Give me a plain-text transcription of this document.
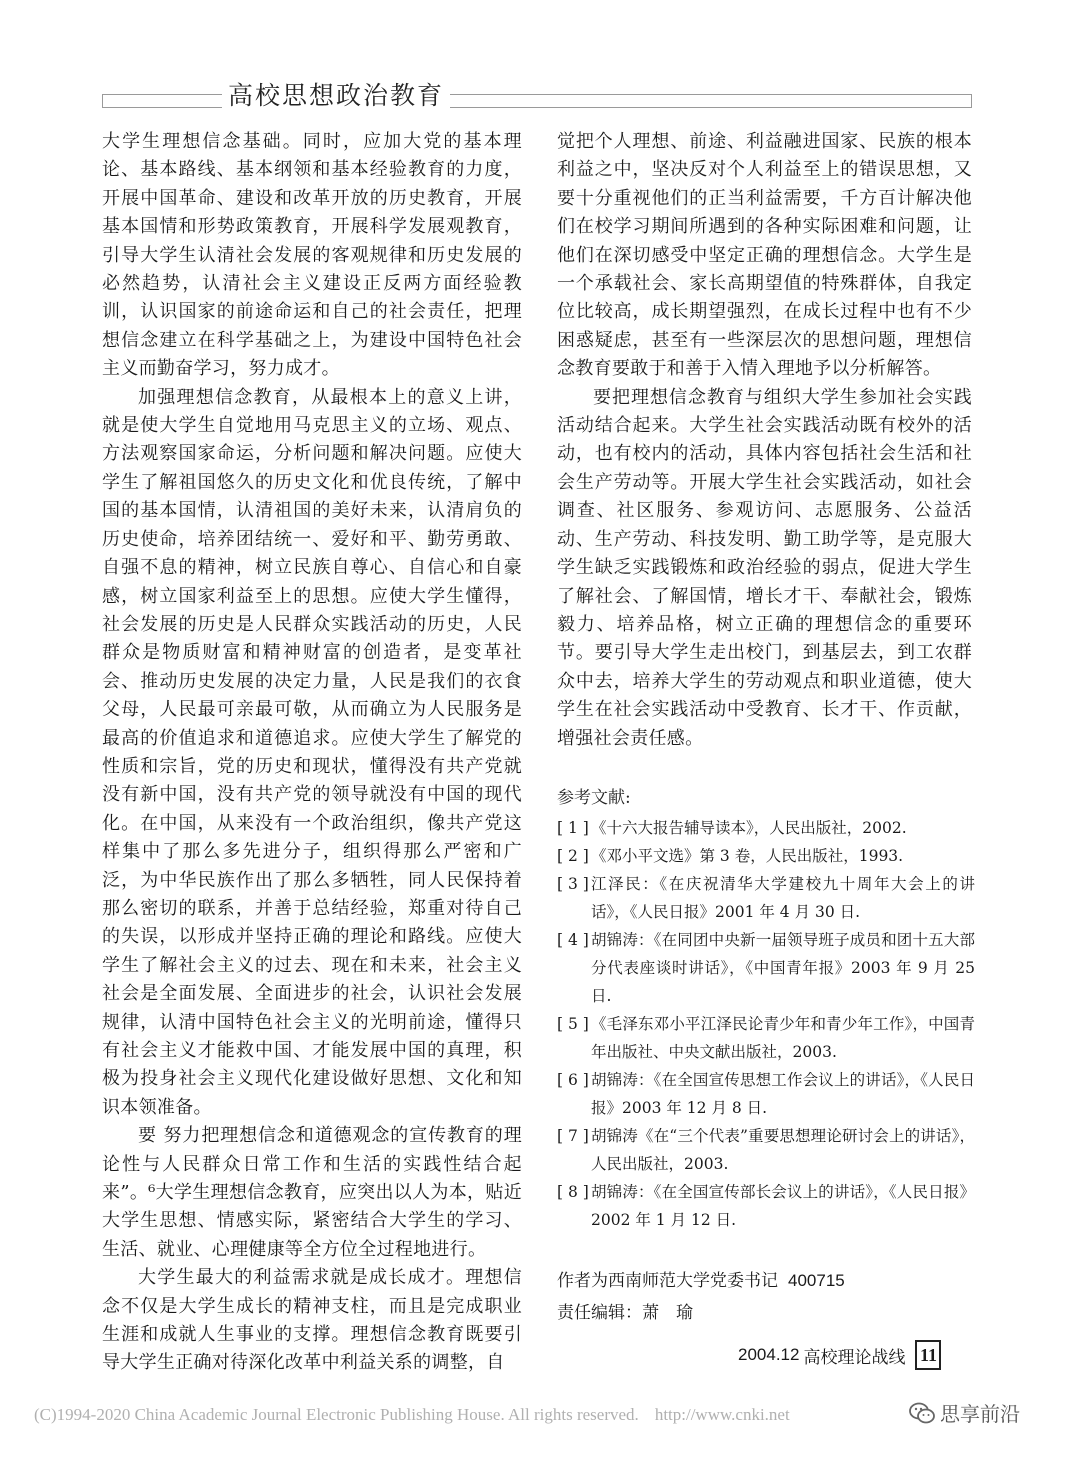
高校思想政治教育

大学生理想信念基础。同时，应加大党的基本理论、基本路线、基本纲领和基本经验教育的力度，开展中国革命、建设和改革开放的历史教育，开展基本国情和形势政策教育，开展科学发展观教育，引导大学生认清社会发展的客观规律和历史发展的必然趋势，认清社会主义建设正反两方面经验教训，认识国家的前途命运和自己的社会责任，把理想信念建立在科学基础之上，为建设中国特色社会主义而勤奋学习，努力成才。

加强理想信念教育，从最根本上的意义上讲，就是使大学生自觉地用马克思主义的立场、观点、方法观察国家命运，分析问题和解决问题。应使大学生了解祖国悠久的历史文化和优良传统，了解中国的基本国情，认清祖国的美好未来，认清肩负的历史使命，培养团结统一、爱好和平、勤劳勇敢、自强不息的精神，树立民族自尊心、自信心和自豪感，树立国家利益至上的思想。应使大学生懂得，社会发展的历史是人民群众实践活动的历史，人民群众是物质财富和精神财富的创造者，是变革社会、推动历史发展的决定力量，人民是我们的衣食父母，人民最可亲最可敬，从而确立为人民服务是最高的价值追求和道德追求。应使大学生了解党的性质和宗旨，党的历史和现状，懂得没有共产党就没有新中国，没有共产党的领导就没有中国的现代化。在中国，从来没有一个政治组织，像共产党这样集中了那么多先进分子，组织得那么严密和广泛，为中华民族作出了那么多牺牲，同人民保持着那么密切的联系，并善于总结经验，郑重对待自己的失误，以形成并坚持正确的理论和路线。应使大学生了解社会主义的过去、现在和未来，社会主义社会是全面发展、全面进步的社会，认识社会发展规律，认清中国特色社会主义的光明前途，懂得只有社会主义才能救中国、才能发展中国的真理，积极为投身社会主义现代化建设做好思想、文化和知识本领准备。

要 努力把理想信念和道德观念的宣传教育的理论性与人民群众日常工作和生活的实践性结合起来”。⁶大学生理想信念教育，应突出以人为本，贴近大学生思想、情感实际，紧密结合大学生的学习、生活、就业、心理健康等全方位全过程地进行。

大学生最大的利益需求就是成长成才。理想信念不仅是大学生成长的精神支柱，而且是完成职业生涯和成就人生事业的支撑。理想信念教育既要引导大学生正确对待深化改革中利益关系的调整，自

觉把个人理想、前途、利益融进国家、民族的根本利益之中，坚决反对个人利益至上的错误思想，又要十分重视他们的正当利益需要，千方百计解决他们在校学习期间所遇到的各种实际困难和问题，让他们在深切感受中坚定正确的理想信念。大学生是一个承载社会、家长高期望值的特殊群体，自我定位比较高，成长期望强烈，在成长过程中也有不少困惑疑虑，甚至有一些深层次的思想问题，理想信念教育要敢于和善于入情入理地予以分析解答。

要把理想信念教育与组织大学生参加社会实践活动结合起来。大学生社会实践活动既有校外的活动，也有校内的活动，具体内容包括社会生活和社会生产劳动等。开展大学生社会实践活动，如社会调查、社区服务、参观访问、志愿服务、公益活动、生产劳动、科技发明、勤工助学等，是克服大学生缺乏实践锻炼和政治经验的弱点，促进大学生了解社会、了解国情，增长才干、奉献社会，锻炼毅力、培养品格，树立正确的理想信念的重要环节。要引导大学生走出校门，到基层去，到工农群众中去，培养大学生的劳动观点和职业道德，使大学生在社会实践活动中受教育、长才干、作贡献，增强社会责任感。

参考文献:
[ 1 ] 《十六大报告辅导读本》，人民出版社，2002.
[ 2 ] 《邓小平文选》第 3 卷，人民出版社，1993.
[ 3 ] 江泽民：《在庆祝清华大学建校九十周年大会上的讲话》，《人民日报》2001 年 4 月 30 日.
[ 4 ] 胡锦涛：《在同团中央新一届领导班子成员和团十五大部分代表座谈时讲话》，《中国青年报》2003 年 9 月 25 日.
[ 5 ] 《毛泽东邓小平江泽民论青少年和青少年工作》，中国青年出版社、中央文献出版社，2003.
[ 6 ] 胡锦涛：《在全国宣传思想工作会议上的讲话》，《人民日报》2003 年 12 月 8 日.
[ 7 ] 胡锦涛《在“三个代表”重要思想理论研讨会上的讲话》，人民出版社，2003.
[ 8 ] 胡锦涛：《在全国宣传部长会议上的讲话》，《人民日报》2002 年 1 月 12 日.
作者为西南师范大学党委书记 400715
责任编辑：萧　瑜
2004.12 高校理论战线 11
(C)1994-2020 China Academic Journal Electronic Publishing House. All rights reserved. http://www.cnki.net	思享前沿
